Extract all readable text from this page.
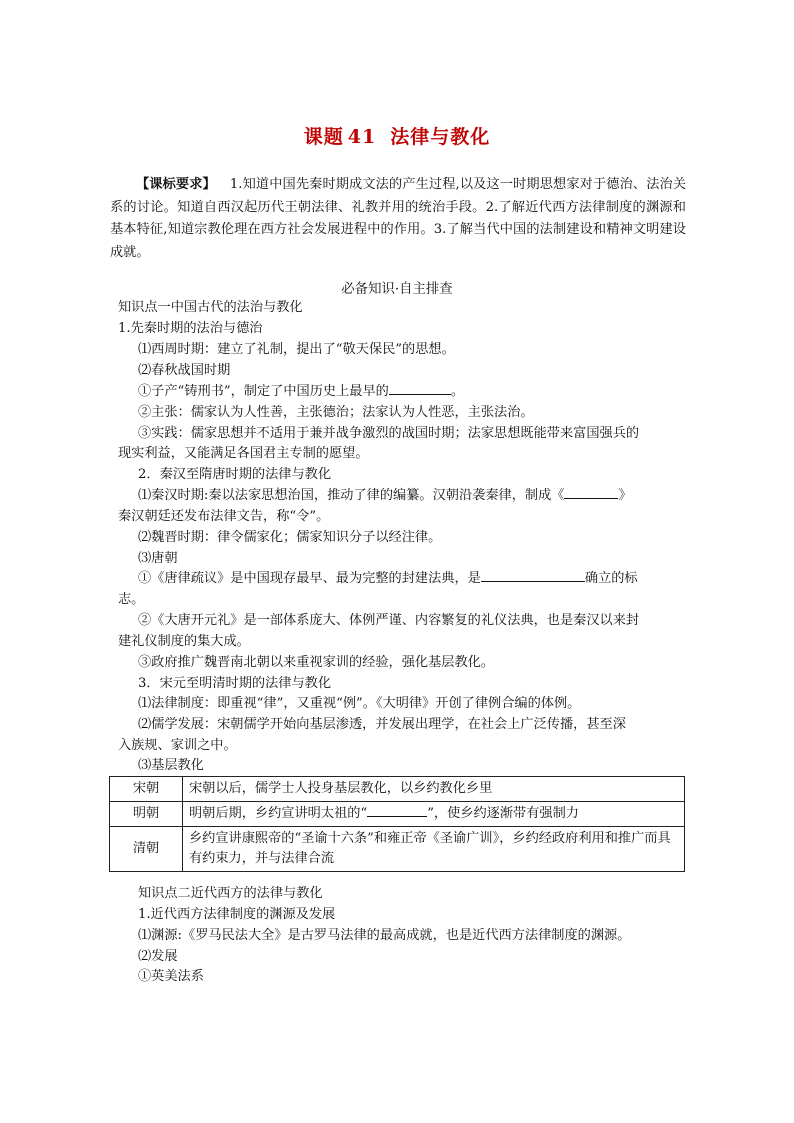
课题 41 法律与教化
【课标要求】 1.知道中国先秦时期成文法的产生过程,以及这一时期思想家对于德治、法治关系的讨论。知道自西汉起历代王朝法律、礼教并用的统治手段。2.了解近代西方法律制度的渊源和基本特征,知道宗教伦理在西方社会发展进程中的作用。3.了解当代中国的法制建设和精神文明建设成就。
必备知识·自主排查
知识点一中国古代的法治与教化
1.先秦时期的法治与德治
⑴西周时期：建立了礼制，提出了“敬天保民”的思想。
⑵春秋战国时期
①子产“铸刑书”，制定了中国历史上最早的	。
②主张：儒家认为人性善，主张德治；法家认为人性恶，主张法治。
③实践：儒家思想并不适用于兼并战争激烈的战国时期；法家思想既能带来富国强兵的
现实利益，又能满足各国君主专制的愿望。
2．秦汉至隋唐时期的法律与教化
⑴秦汉时期:秦以法家思想治国，推动了律的编纂。汉朝沿袭秦律，制成《	》
秦汉朝廷还发布法律文告，称“令”。
⑵魏晋时期：律令儒家化；儒家知识分子以经注律。
⑶唐朝
①《唐律疏议》是中国现存最早、最为完整的封建法典，是	确立的标
志。
②《大唐开元礼》是一部体系庞大、体例严谨、内容繁复的礼仪法典，也是秦汉以来封
建礼仪制度的集大成。
③政府推广魏晋南北朝以来重视家训的经验，强化基层教化。
3．宋元至明清时期的法律与教化
⑴法律制度：即重视“律”，又重视“例”。《大明律》开创了律例合编的体例。
⑵儒学发展：宋朝儒学开始向基层渗透，并发展出理学，在社会上广泛传播，甚至深
入族规、家训之中。
⑶基层教化
知识点二近代西方的法律与教化
1.近代西方法律制度的渊源及发展
⑴渊源:《罗马民法大全》是古罗马法律的最高成就，也是近代西方法律制度的渊源。
⑵发展
①英美法系
宋朝	宋朝以后，儒学士人投身基层教化，以乡约教化乡里
明朝	明朝后期，乡约宣讲明太祖的“ ”，使乡约逐渐带有强制力
清朝	乡约宣讲康熙帝的“圣谕十六条”和雍正帝《圣谕广训》，乡约经政府利用和推广而具有约束力，并与法律合流
